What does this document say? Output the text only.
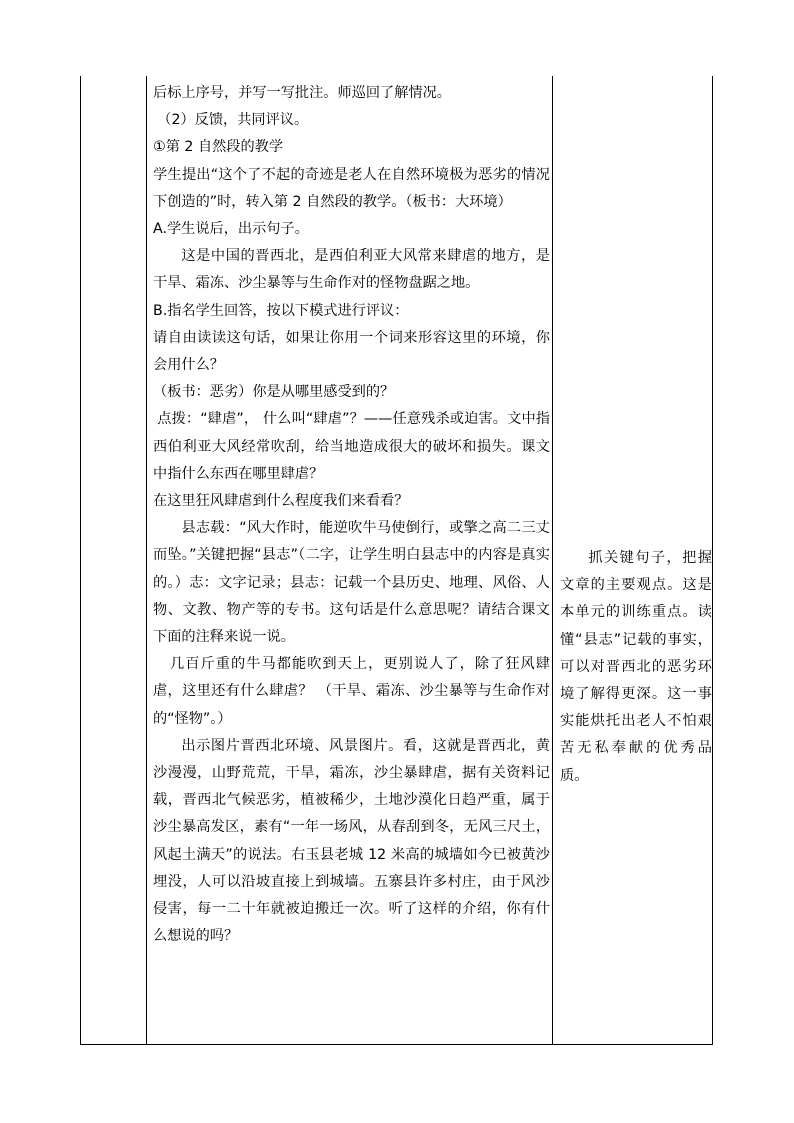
后标上序号，并写一写批注。师巡回了解情况。

（2）反馈，共同评议。

①第 2 自然段的教学

学生提出“这个了不起的奇迹是老人在自然环境极为恶劣的情况下创造的”时，转入第 2 自然段的教学。（板书：大环境）

A.学生说后，出示句子。

这是中国的晋西北，是西伯利亚大风常来肆虐的地方，是干旱、霜冻、沙尘暴等与生命作对的怪物盘踞之地。

B.指名学生回答，按以下模式进行评议：

请自由读读这句话，如果让你用一个词来形容这里的环境，你会用什么？

（板书：恶劣）你是从哪里感受到的？

点拨：“肆虐”， 什么叫“肆虐”？——任意残杀或迫害。文中指西伯利亚大风经常吹刮，给当地造成很大的破坏和损失。课文中指什么东西在哪里肆虐？

在这里狂风肆虐到什么程度我们来看看？

县志载：“风大作时，能逆吹牛马使倒行，或擎之高二三丈而坠。”关键把握“县志”（二字，让学生明白县志中的内容是真实的。）志：文字记录；县志：记载一个县历史、地理、风俗、人物、文教、物产等的专书。这句话是什么意思呢？请结合课文下面的注释来说一说。

几百斤重的牛马都能吹到天上，更别说人了，除了狂风肆虐，这里还有什么肆虐？ （干旱、霜冻、沙尘暴等与生命作对的“怪物”。）

出示图片晋西北环境、风景图片。看，这就是晋西北，黄沙漫漫，山野荒荒，干旱，霜冻，沙尘暴肆虐，据有关资料记载，晋西北气候恶劣，植被稀少，土地沙漠化日趋严重，属于沙尘暴高发区，素有“一年一场风，从春刮到冬，无风三尺土，风起土满天”的说法。右玉县老城 12 米高的城墙如今已被黄沙埋没，人可以沿坡直接上到城墙。五寨县许多村庄，由于风沙侵害，每一二十年就被迫搬迁一次。听了这样的介绍，你有什么想说的吗？

抓关键句子，把握文章的主要观点。这是本单元的训练重点。读懂“县志”记载的事实，可以对晋西北的恶劣环境了解得更深。这一事实能烘托出老人不怕艰苦无私奉献的优秀品质。
